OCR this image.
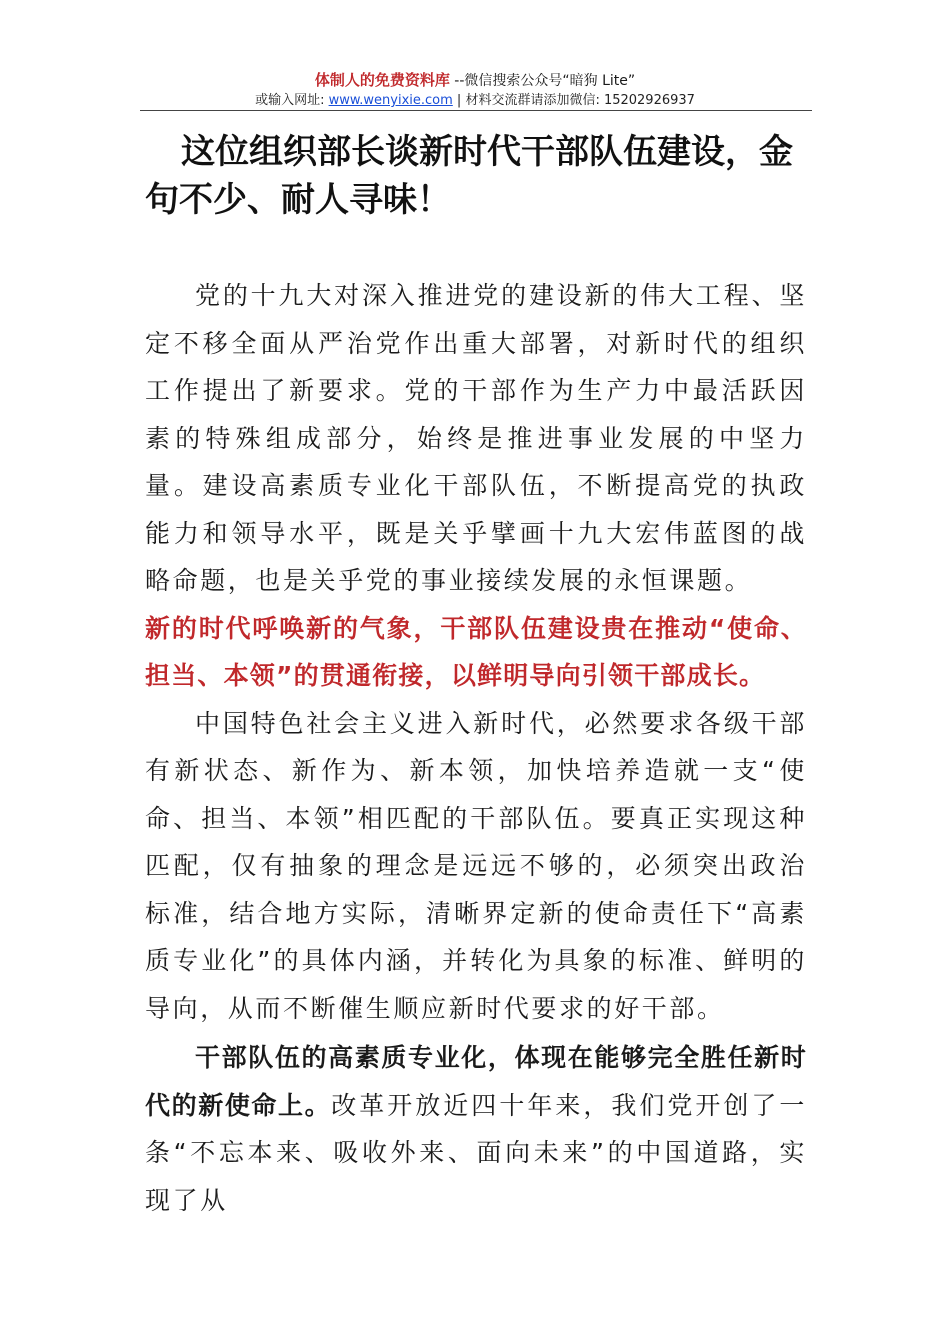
体制人的免费资料库 --微信搜索公众号“暗狗 Lite”
或输入网址: www.wenyixie.com | 材料交流群请添加微信: 15202926937
这位组织部长谈新时代干部队伍建设，金句不少、耐人寻味！

党的十九大对深入推进党的建设新的伟大工程、坚定不移全面从严治党作出重大部署，对新时代的组织工作提出了新要求。党的干部作为生产力中最活跃因素的特殊组成部分，始终是推进事业发展的中坚力量。建设高素质专业化干部队伍，不断提高党的执政能力和领导水平，既是关乎擘画十九大宏伟蓝图的战略命题，也是关乎党的事业接续发展的永恒课题。

新的时代呼唤新的气象，干部队伍建设贵在推动“使命、担当、本领”的贯通衔接，以鲜明导向引领干部成长。

中国特色社会主义进入新时代，必然要求各级干部有新状态、新作为、新本领，加快培养造就一支“使命、担当、本领”相匹配的干部队伍。要真正实现这种匹配，仅有抽象的理念是远远不够的，必须突出政治标准，结合地方实际，清晰界定新的使命责任下“高素质专业化”的具体内涵，并转化为具象的标准、鲜明的导向，从而不断催生顺应新时代要求的好干部。

干部队伍的高素质专业化，体现在能够完全胜任新时代的新使命上。改革开放近四十年来，我们党开创了一条“不忘本来、吸收外来、面向未来”的中国道路，实现了从
